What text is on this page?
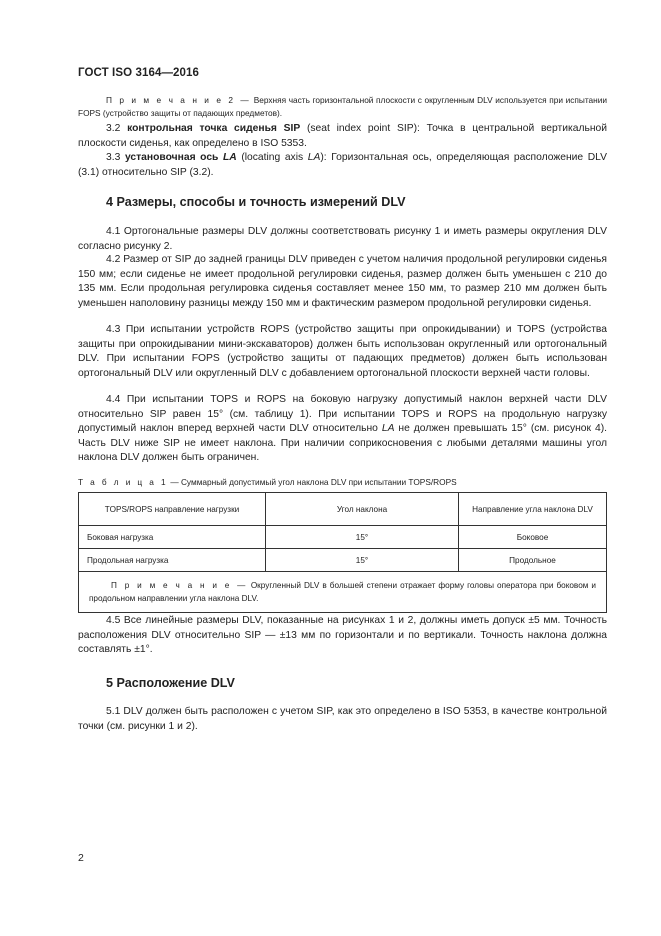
ГОСТ ISO 3164—2016
П р и м е ч а н и е 2 — Верхняя часть горизонтальной плоскости с округленным DLV используется при испытании FOPS (устройство защиты от падающих предметов).
3.2 контрольная точка сиденья SIP (seat index point SIP): Точка в центральной вертикальной плоскости сиденья, как определено в ISO 5353.
3.3 установочная ось LA (locating axis LA): Горизонтальная ось, определяющая расположение DLV (3.1) относительно SIP (3.2).
4 Размеры, способы и точность измерений DLV
4.1 Ортогональные размеры DLV должны соответствовать рисунку 1 и иметь размеры округления DLV согласно рисунку 2.
4.2 Размер от SIP до задней границы DLV приведен с учетом наличия продольной регулировки сиденья 150 мм; если сиденье не имеет продольной регулировки сиденья, размер должен быть уменьшен с 210 до 135 мм. Если продольная регулировка сиденья составляет менее 150 мм, то размер 210 мм должен быть уменьшен наполовину разницы между 150 мм и фактическим размером продольной регулировки сиденья.
4.3 При испытании устройств ROPS (устройство защиты при опрокидывании) и TOPS (устройства защиты при опрокидывании мини-экскаваторов) должен быть использован округленный или ортогональный DLV. При испытании FOPS (устройство защиты от падающих предметов) должен быть использован ортогональный DLV или округленный DLV с добавлением ортогональной плоскости верхней части головы.
4.4 При испытании TOPS и ROPS на боковую нагрузку допустимый наклон верхней части DLV относительно SIP равен 15° (см. таблицу 1). При испытании TOPS и ROPS на продольную нагрузку допустимый наклон вперед верхней части DLV относительно LA не должен превышать 15° (см. рисунок 4). Часть DLV ниже SIP не имеет наклона. При наличии соприкосновения с любыми деталями машины угол наклона DLV должен быть ограничен.
Т а б л и ц а 1 — Суммарный допустимый угол наклона DLV при испытании TOPS/ROPS
TOPS/ROPS направление нагрузки	Угол наклона	Направление угла наклона DLV
Боковая нагрузка	15°	Боковое
Продольная нагрузка	15°	Продольное
П р и м е ч а н и е — Округленный DLV в большей степени отражает форму головы оператора при боковом и продольном направлении угла наклона DLV.		
4.5 Все линейные размеры DLV, показанные на рисунках 1 и 2, должны иметь допуск ±5 мм. Точность расположения DLV относительно SIP — ±13 мм по горизонтали и по вертикали. Точность наклона должна составлять ±1°.
5 Расположение DLV
5.1 DLV должен быть расположен с учетом SIP, как это определено в ISO 5353, в качестве контрольной точки (см. рисунки 1 и 2).
2
